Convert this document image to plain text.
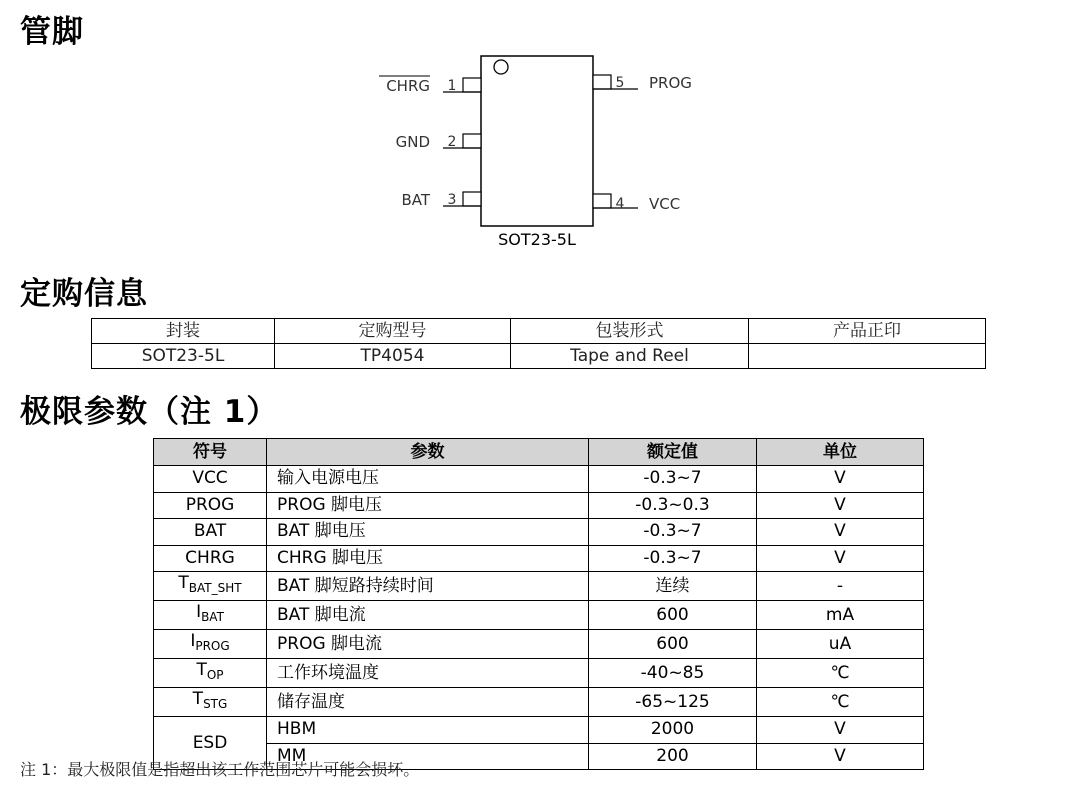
管脚
1
CHRG
2
GND
3
BAT
5 PROG
4 VCC
SOT23-5L
定购信息
封装	定购型号	包装形式	产品正印
SOT23-5L	TP4054	Tape and Reel	
极限参数（注 1）
符号	参数	额定值	单位
VCC	输入电源电压	-0.3~7	V
PROG	PROG 脚电压	-0.3~0.3	V
BAT	BAT 脚电压	-0.3~7	V
CHRG	CHRG 脚电压	-0.3~7	V
$T_{BAT\_SHT}$	BAT 脚短路持续时间	连续	-
$I_{BAT}$	BAT 脚电流	600	mA
$I_{PROG}$	PROG 脚电流	600	uA
$T_{OP}$	工作环境温度	-40~85	℃
$T_{STG}$	储存温度	-65~125	℃
ESD	HBM	2000	V
	MM	200	V
注 1：最大极限值是指超出该工作范围芯片可能会损坏。
